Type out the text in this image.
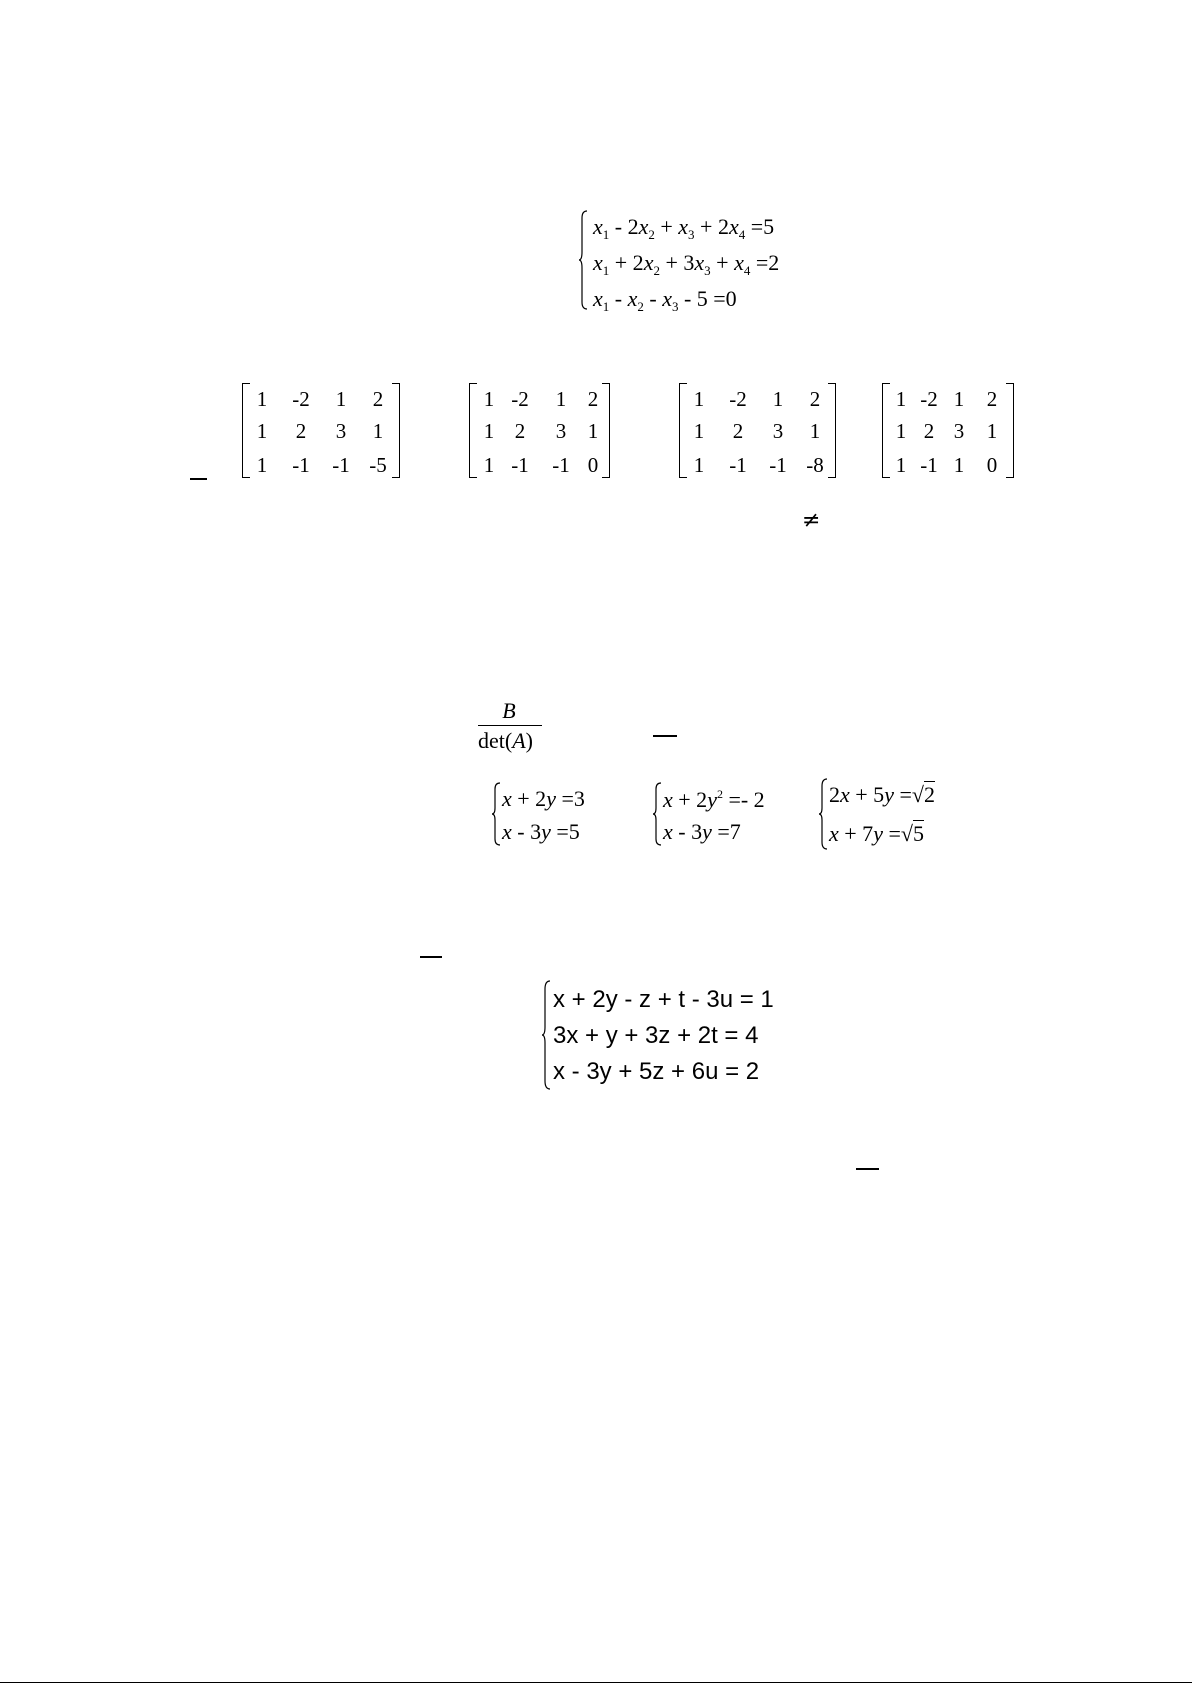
$x_1 - 2x_2 + x_3 + 2x_4 =5$
$x_1 + 2x_2 + 3x_3 + x_4 =2$
$x_1 - x_2 - x_3 - 5 =0$
1	-2	1	2
1	2	3	1
1	-1 -1 -5
1 -2	1	2
1 2	3	1
1 -1 -1 0
1	-2	1	2
1	2	3	1
1	-1 -1 -8
1 -2 1	2
1 2 3	1
1 -1 1	0
≠
B
det(A)
x + 2y =3
x - 3y =5
$x + 2y^2 =- 2$
x - 3y =7
2x + 5y =√2
x + 7y =√5
x + 2y - z + t - 3u = 1
3x + y + 3z + 2t = 4
x - 3y + 5z + 6u = 2
